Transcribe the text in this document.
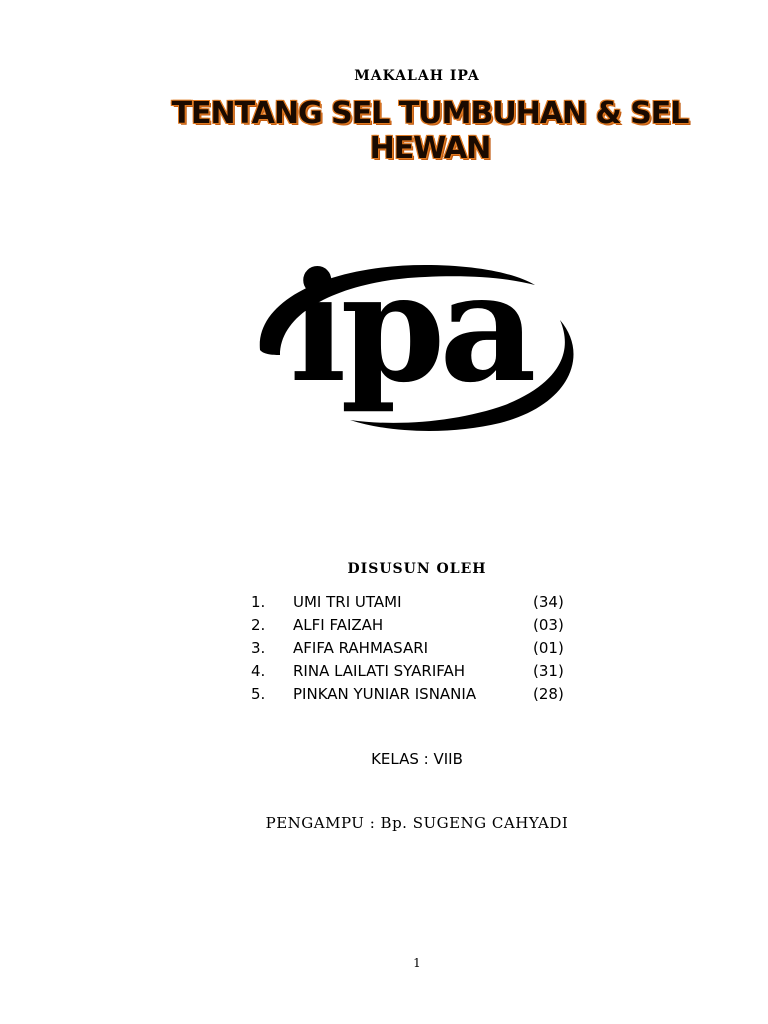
MAKALAH IPA
TENTANG SEL TUMBUHAN & SEL HEWAN
ipa
DISUSUN OLEH
1.	UMI TRI UTAMI	(34)
2.	ALFI FAIZAH	(03)
3.	AFIFA RAHMASARI	(01)
4.	RINA LAILATI SYARIFAH	(31)
5.	PINKAN YUNIAR ISNANIA	(28)
KELAS : VIIB
PENGAMPU : Bp. SUGENG CAHYADI
1
